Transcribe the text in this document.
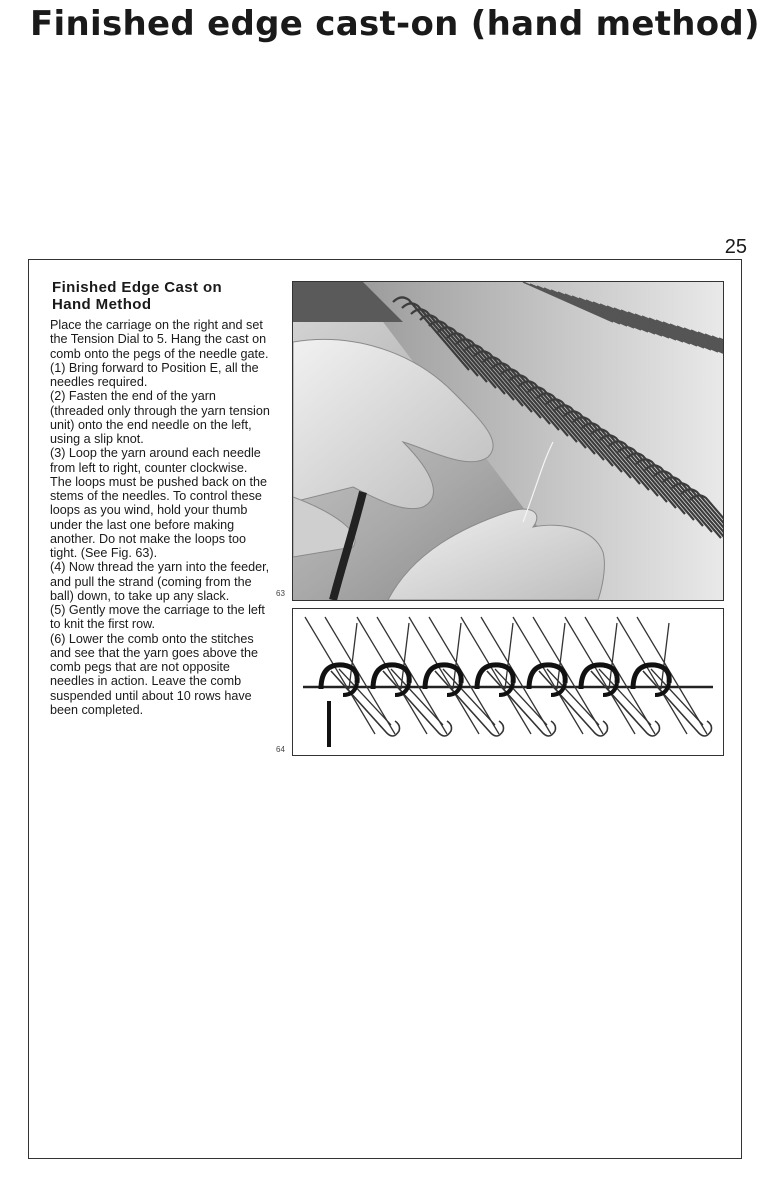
Finished edge cast-on (hand method)
25
Finished Edge Cast on
Hand Method

Place the carriage on the right and set the Tension Dial to 5. Hang the cast on comb onto the pegs of the needle gate.

(1) Bring forward to Position E, all the needles required.

(2) Fasten the end of the yarn (threaded only through the yarn tension unit) onto the end needle on the left, using a slip knot.

(3) Loop the yarn around each needle from left to right, counter clockwise. The loops must be pushed back on the stems of the needles. To control these loops as you wind, hold your thumb under the last one before making another. Do not make the loops too tight. (See Fig. 63).

(4) Now thread the yarn into the feeder, and pull the strand (coming from the ball) down, to take up any slack.

(5) Gently move the carriage to the left to knit the first row.

(6) Lower the comb onto the stitches and see that the yarn goes above the comb pegs that are not opposite needles in action. Leave the comb suspended until about 10 rows have been completed.

63
64
